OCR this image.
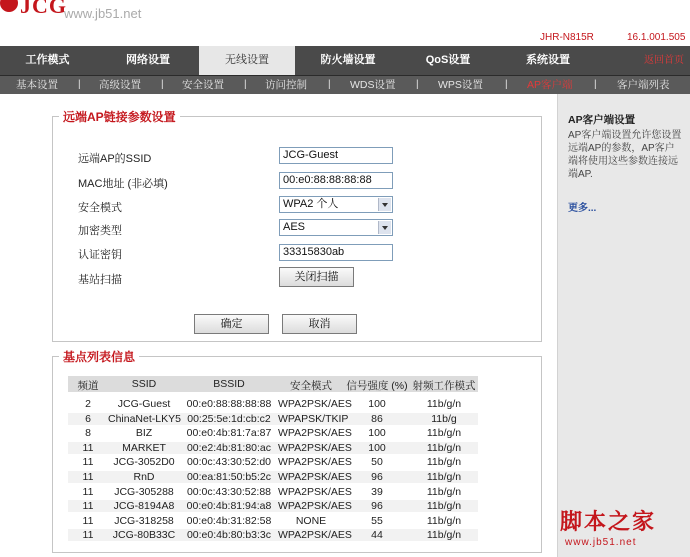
JCG
www.jb51.net
JHR-N815R	16.1.001.505
工作模式	网络设置	无线设置	防火墙设置	QoS设置	系统设置	返回首页
基本设置 | 高级设置 | 安全设置 | 访问控制 | WDS设置 | WPS设置 | AP客户端 | 客户端列表
AP客户端设置
AP客户端设置允许您设置远端AP的参数，AP客户端将使用这些参数连接远端AP.
更多...
远端AP链接参数设置
远端AP的SSID	JCG-Guest
MAC地址 (非必填)	00:e0:88:88:88:88
安全模式	WPA2 个人
加密类型	AES
认证密钥	33315830ab
基站扫描	关闭扫描
确定	取消
基点列表信息
频道	SSID	BSSID	安全模式	信号强度 (%) 射频工作模式
2	JCG-Guest	00:e0:88:88:88:88 WPA2PSK/AES	100	11b/g/n
6	ChinaNet-LKY5 00:25:5e:1d:cb:c2 WPAPSK/TKIP	86	11b/g
8	BIZ	00:e0:4b:81:7a:87 WPA2PSK/AES	100	11b/g/n
11	MARKET	00:e2:4b:81:80:ac WPA2PSK/AES	100	11b/g/n
11	JCG-3052D0	00:0c:43:30:52:d0 WPA2PSK/AES	50	11b/g/n
11	RnD	00:ea:81:50:b5:2c WPA2PSK/AES	96	11b/g/n
11	JCG-305288	00:0c:43:30:52:88 WPA2PSK/AES	39	11b/g/n
11	JCG-8194A8	00:e0:4b:81:94:a8 WPA2PSK/AES	96	11b/g/n
11	JCG-318258	00:e0:4b:31:82:58	NONE	55	11b/g/n
11	JCG-80B33C	00:e0:4b:80:b3:3c WPA2PSK/AES	44	11b/g/n
脚本之家
www.jb51.net
